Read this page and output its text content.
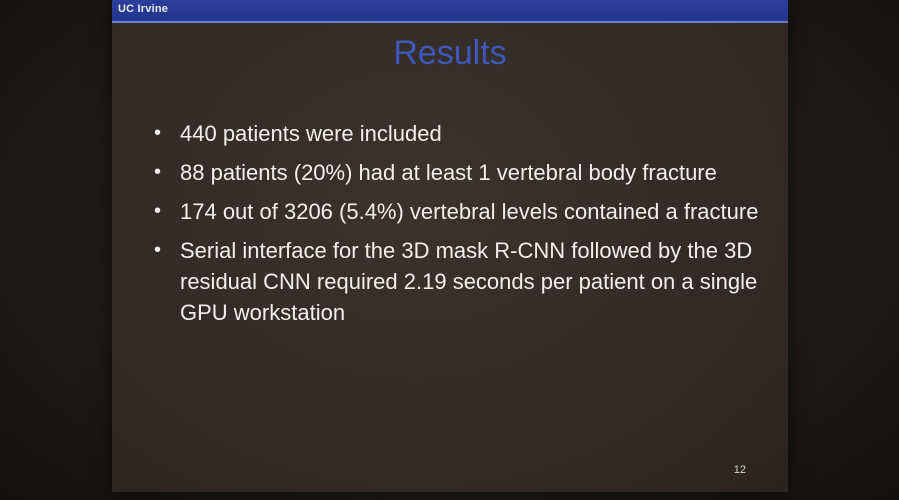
UC Irvine
Results
• 440 patients were included
• 88 patients (20%) had at least 1 vertebral body fracture
• 174 out of 3206 (5.4%) vertebral levels contained a fracture
• Serial interface for the 3D mask R-CNN followed by the 3D residual CNN required 2.19 seconds per patient on a single GPU workstation
12
